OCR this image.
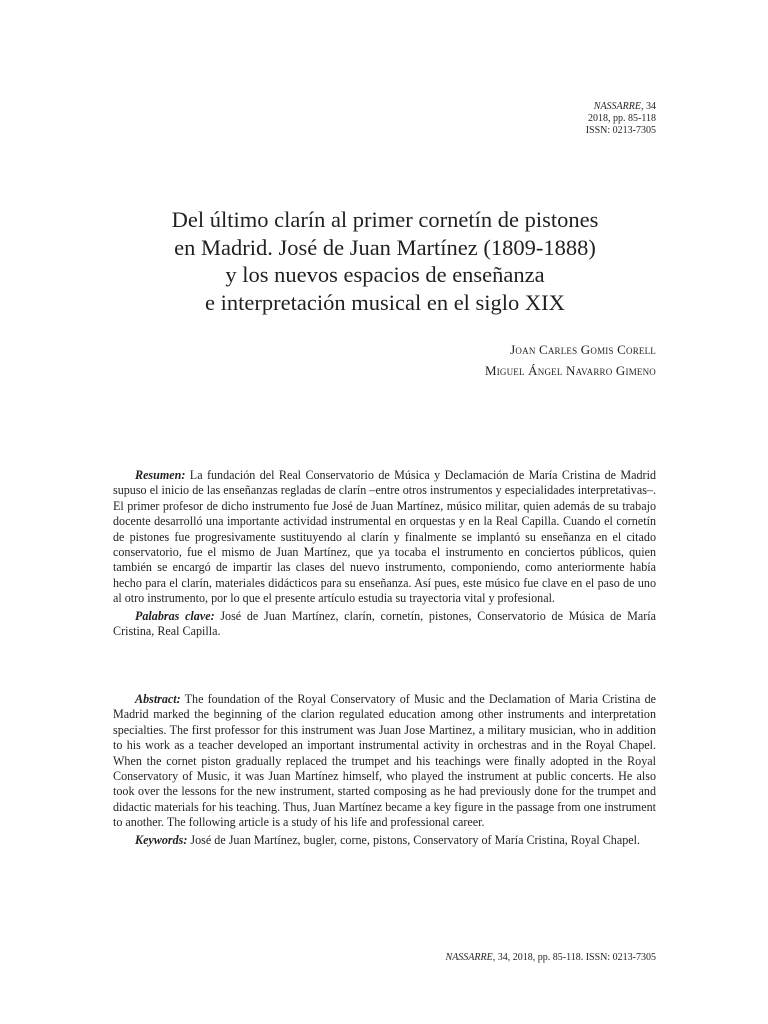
NASSARRE, 34
2018, pp. 85-118
ISSN: 0213-7305
Del último clarín al primer cornetín de pistones
en Madrid. José de Juan Martínez (1809-1888)
y los nuevos espacios de enseñanza
e interpretación musical en el siglo XIX
Joan Carles Gomis Corell
Miguel Ángel Navarro Gimeno

Resumen: La fundación del Real Conservatorio de Música y Declamación de María Cristina de Madrid supuso el inicio de las enseñanzas regladas de clarín –entre otros instrumentos y especialidades interpretativas–. El primer profesor de dicho instrumento fue José de Juan Martínez, músico militar, quien además de su trabajo docente desarrolló una importante actividad instrumental en orquestas y en la Real Capilla. Cuando el cornetín de pistones fue progresivamente sustituyendo al clarín y finalmente se implantó su enseñanza en el citado conservatorio, fue el mismo de Juan Martínez, que ya tocaba el instrumento en conciertos públicos, quien también se encargó de impartir las clases del nuevo instrumento, componiendo, como anteriormente había hecho para el clarín, materiales didácticos para su enseñanza. Así pues, este músico fue clave en el paso de uno al otro instrumento, por lo que el presente artículo estudia su trayectoria vital y profesional.

Palabras clave: José de Juan Martínez, clarín, cornetín, pistones, Conservatorio de Música de María Cristina, Real Capilla.

Abstract: The foundation of the Royal Conservatory of Music and the Declamation of Maria Cristina de Madrid marked the beginning of the clarion regulated education among other instruments and interpretation specialties. The first professor for this instrument was Juan Jose Martinez, a military musician, who in addition to his work as a teacher developed an important instrumental activity in orchestras and in the Royal Chapel. When the cornet piston gradually replaced the trumpet and his teachings were finally adopted in the Royal Conservatory of Music, it was Juan Martínez himself, who played the instrument at public concerts. He also took over the lessons for the new instrument, started composing as he had previously done for the trumpet and didactic materials for his teaching. Thus, Juan Martínez became a key figure in the passage from one instrument to another. The following article is a study of his life and professional career.

Keywords: José de Juan Martínez, bugler, corne, pistons, Conservatory of María Cristina, Royal Chapel.

NASSARRE, 34, 2018, pp. 85-118. ISSN: 0213-7305
